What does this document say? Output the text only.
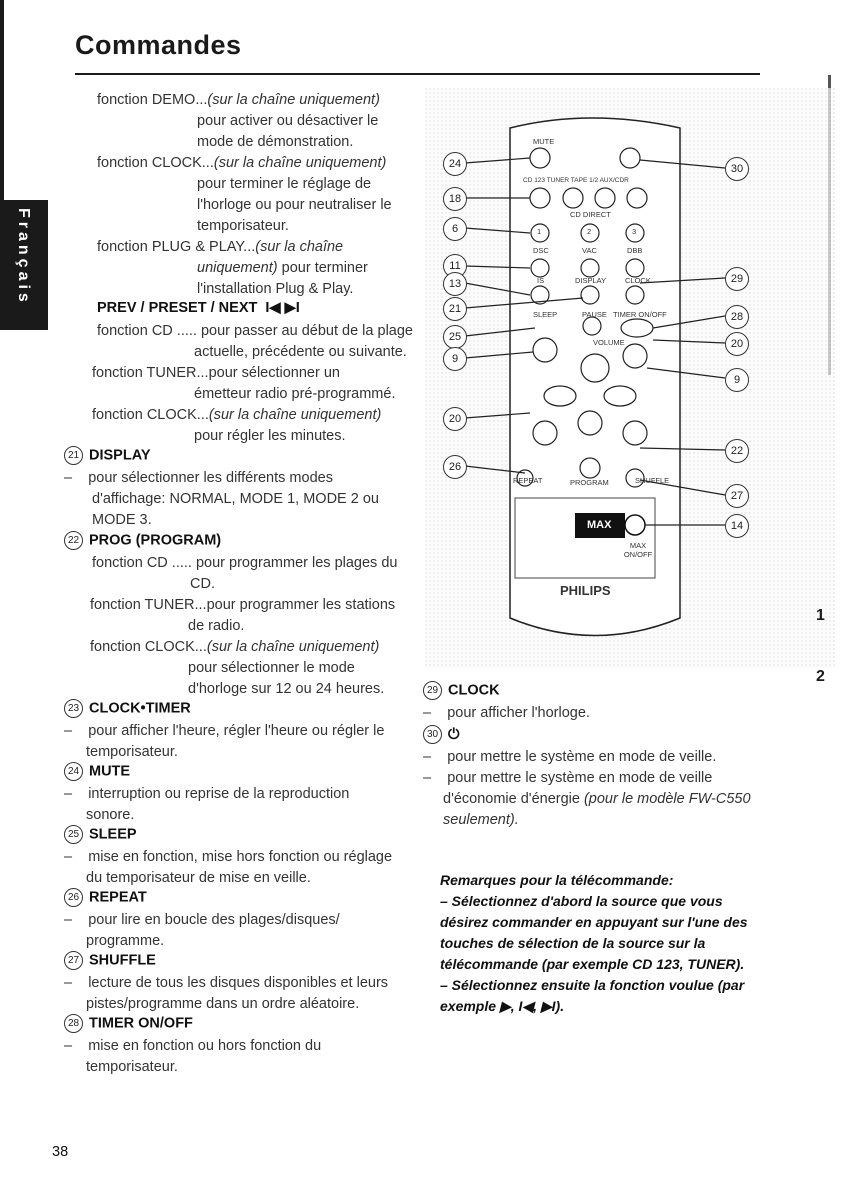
Commandes
Français
fonction DEMO...(sur la chaîne uniquement)
pour activer ou désactiver le
mode de démonstration.
fonction CLOCK...(sur la chaîne uniquement)
pour terminer le réglage de
l'horloge ou pour neutraliser le
temporisateur.
fonction PLUG & PLAY...(sur la chaîne
uniquement) pour terminer
l'installation Plug & Play.
PREV / PRESET / NEXT I◀ ▶I
fonction CD ..... pour passer au début de la plage
actuelle, précédente ou suivante.
fonction TUNER...pour sélectionner un
émetteur radio pré-programmé.
fonction CLOCK...(sur la chaîne uniquement)
pour régler les minutes.
21 DISPLAY
–    pour sélectionner les différents modes
d'affichage: NORMAL, MODE 1, MODE 2 ou
MODE 3.
22 PROG (PROGRAM)
fonction CD ..... pour programmer les plages du
CD.
fonction TUNER...pour programmer les stations
de radio.
fonction CLOCK...(sur la chaîne uniquement)
pour sélectionner le mode
d'horloge sur 12 ou 24 heures.
23 CLOCK•TIMER
–    pour afficher l'heure, régler l'heure ou régler le
temporisateur.
24 MUTE
–    interruption ou reprise de la reproduction
sonore.
25 SLEEP
–    mise en fonction, mise hors fonction ou réglage
du temporisateur de mise en veille.
26 REPEAT
–    pour lire en boucle des plages/disques/
programme.
27 SHUFFLE
–    lecture de tous les disques disponibles et leurs
pistes/programme dans un ordre aléatoire.
28 TIMER ON/OFF
–    mise en fonction ou hors fonction du
temporisateur.
38
MUTE
CD 123 TUNER TAPE 1/2 AUX/CDR
CD DIRECT
1	2	3
DSC	VAC	DBB
IS	DISPLAY	CLOCK
SLEEP	PAUSE TIMER ON/OFF
VOLUME
REPEAT	PROGRAM	SHUFFLE
MAX
MAX ON/OFF
PHILIPS
24
18
6
11
13
21
25
9
20
26
30
29
28
20
9
22
27
14
1
2
29 CLOCK
–    pour afficher l'horloge.
30 ⏻
–    pour mettre le système en mode de veille.
–    pour mettre le système en mode de veille
d'économie d'énergie (pour le modèle FW-C550
seulement).
Remarques pour la télécommande:
– Sélectionnez d'abord la source que vous désirez commander en appuyant sur l'une des touches de sélection de la source sur la télécommande (par exemple CD 123, TUNER).
– Sélectionnez ensuite la fonction voulue (par exemple ▶, I◀, ▶I).
